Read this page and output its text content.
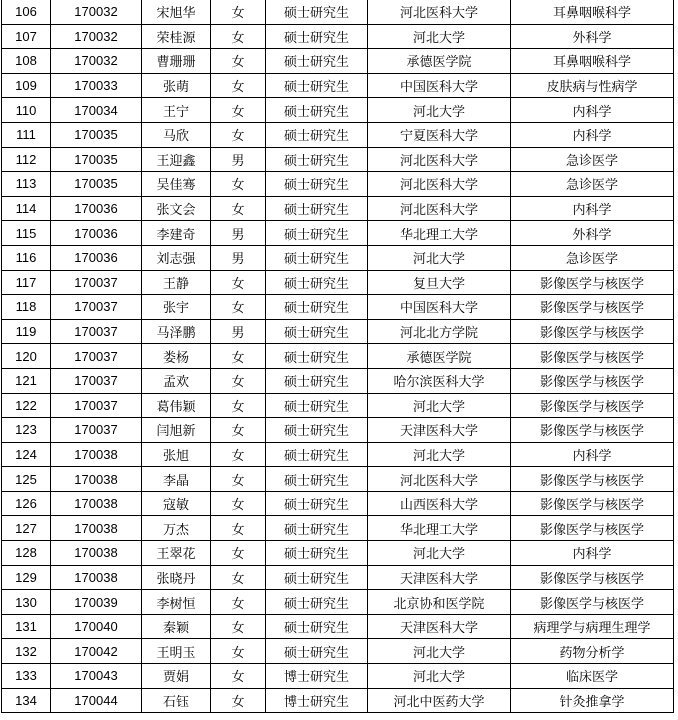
106	170032	宋旭华	女	硕士研究生	河北医科大学	耳鼻咽喉科学
107	170032	荣桂源	女	硕士研究生	河北大学	外科学
108	170032	曹珊珊	女	硕士研究生	承德医学院	耳鼻咽喉科学
109	170033	张萌	女	硕士研究生	中国医科大学	皮肤病与性病学
110	170034	王宁	女	硕士研究生	河北大学	内科学
111	170035	马欣	女	硕士研究生	宁夏医科大学	内科学
112	170035	王迎鑫	男	硕士研究生	河北医科大学	急诊医学
113	170035	吴佳骞	女	硕士研究生	河北医科大学	急诊医学
114	170036	张文会	女	硕士研究生	河北医科大学	内科学
115	170036	李建奇	男	硕士研究生	华北理工大学	外科学
116	170036	刘志强	男	硕士研究生	河北大学	急诊医学
117	170037	王静	女	硕士研究生	复旦大学	影像医学与核医学
118	170037	张宇	女	硕士研究生	中国医科大学	影像医学与核医学
119	170037	马泽鹏	男	硕士研究生	河北北方学院	影像医学与核医学
120	170037	娄杨	女	硕士研究生	承德医学院	影像医学与核医学
121	170037	孟欢	女	硕士研究生	哈尔滨医科大学	影像医学与核医学
122	170037	葛伟颖	女	硕士研究生	河北大学	影像医学与核医学
123	170037	闫旭新	女	硕士研究生	天津医科大学	影像医学与核医学
124	170038	张旭	女	硕士研究生	河北大学	内科学
125	170038	李晶	女	硕士研究生	河北医科大学	影像医学与核医学
126	170038	寇敏	女	硕士研究生	山西医科大学	影像医学与核医学
127	170038	万杰	女	硕士研究生	华北理工大学	影像医学与核医学
128	170038	王翠花	女	硕士研究生	河北大学	内科学
129	170038	张晓丹	女	硕士研究生	天津医科大学	影像医学与核医学
130	170039	李树恒	女	硕士研究生	北京协和医学院	影像医学与核医学
131	170040	秦颖	女	硕士研究生	天津医科大学	病理学与病理生理学
132	170042	王明玉	女	硕士研究生	河北大学	药物分析学
133	170043	贾娟	女	博士研究生	河北大学	临床医学
134	170044	石钰	女	博士研究生	河北中医药大学	针灸推拿学
